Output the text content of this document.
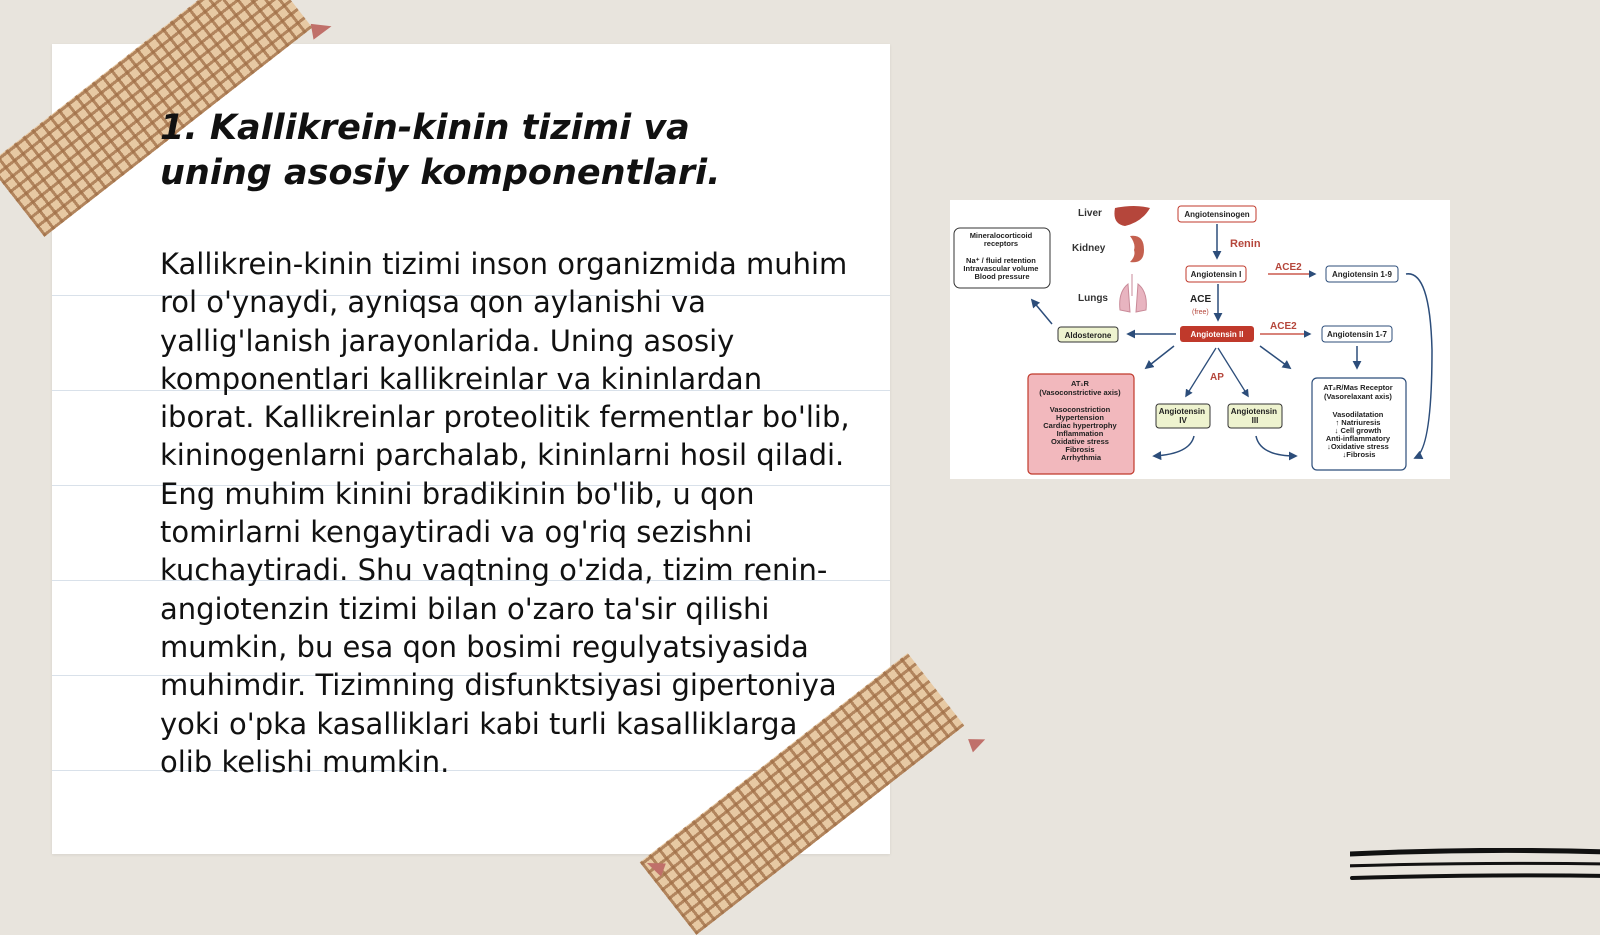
1. Kallikrein-kinin tizimi va uning asosiy komponentlari.

Kallikrein-kinin tizimi inson organizmida muhim rol o'ynaydi, ayniqsa qon aylanishi va yallig'lanish jarayonlarida. Uning asosiy komponentlari kallikreinlar va kininlardan iborat. Kallikreinlar proteolitik fermentlar bo'lib, kininogenlarni parchalab, kininlarni hosil qiladi. Eng muhim kinini bradikinin bo'lib, u qon tomirlarni kengaytiradi va og'riq sezishni kuchaytiradi. Shu vaqtning o'zida, tizim renin-angiotenzin tizimi bilan o'zaro ta'sir qilishi mumkin, bu esa qon bosimi regulyatsiyasida muhimdir. Tizimning disfunktsiyasi gipertoniya yoki o'pka kasalliklari kabi turli kasalliklarga olib kelishi mumkin.

Liver
Kidney
Lungs
Mineralocorticoid receptors Na⁺ / fluid retention Intravascular volume Blood pressure
Angiotensinogen
Renin
Angiotensin I
ACE
(free)
ACE2
Angiotensin 1-9
Angiotensin II
Aldosterone
ACE2
Angiotensin 1-7
AP
Angiotensin IV
Angiotensin III
AT₁R (Vasoconstrictive axis) Vasoconstriction Hypertension Cardiac hypertrophy Inflammation Oxidative stress Fibrosis Arrhythmia
AT₂R/Mas Receptor (Vasorelaxant axis) Vasodilatation ↑ Natriuresis ↓ Cell growth Anti-inflammatory ↓Oxidative stress ↓Fibrosis
